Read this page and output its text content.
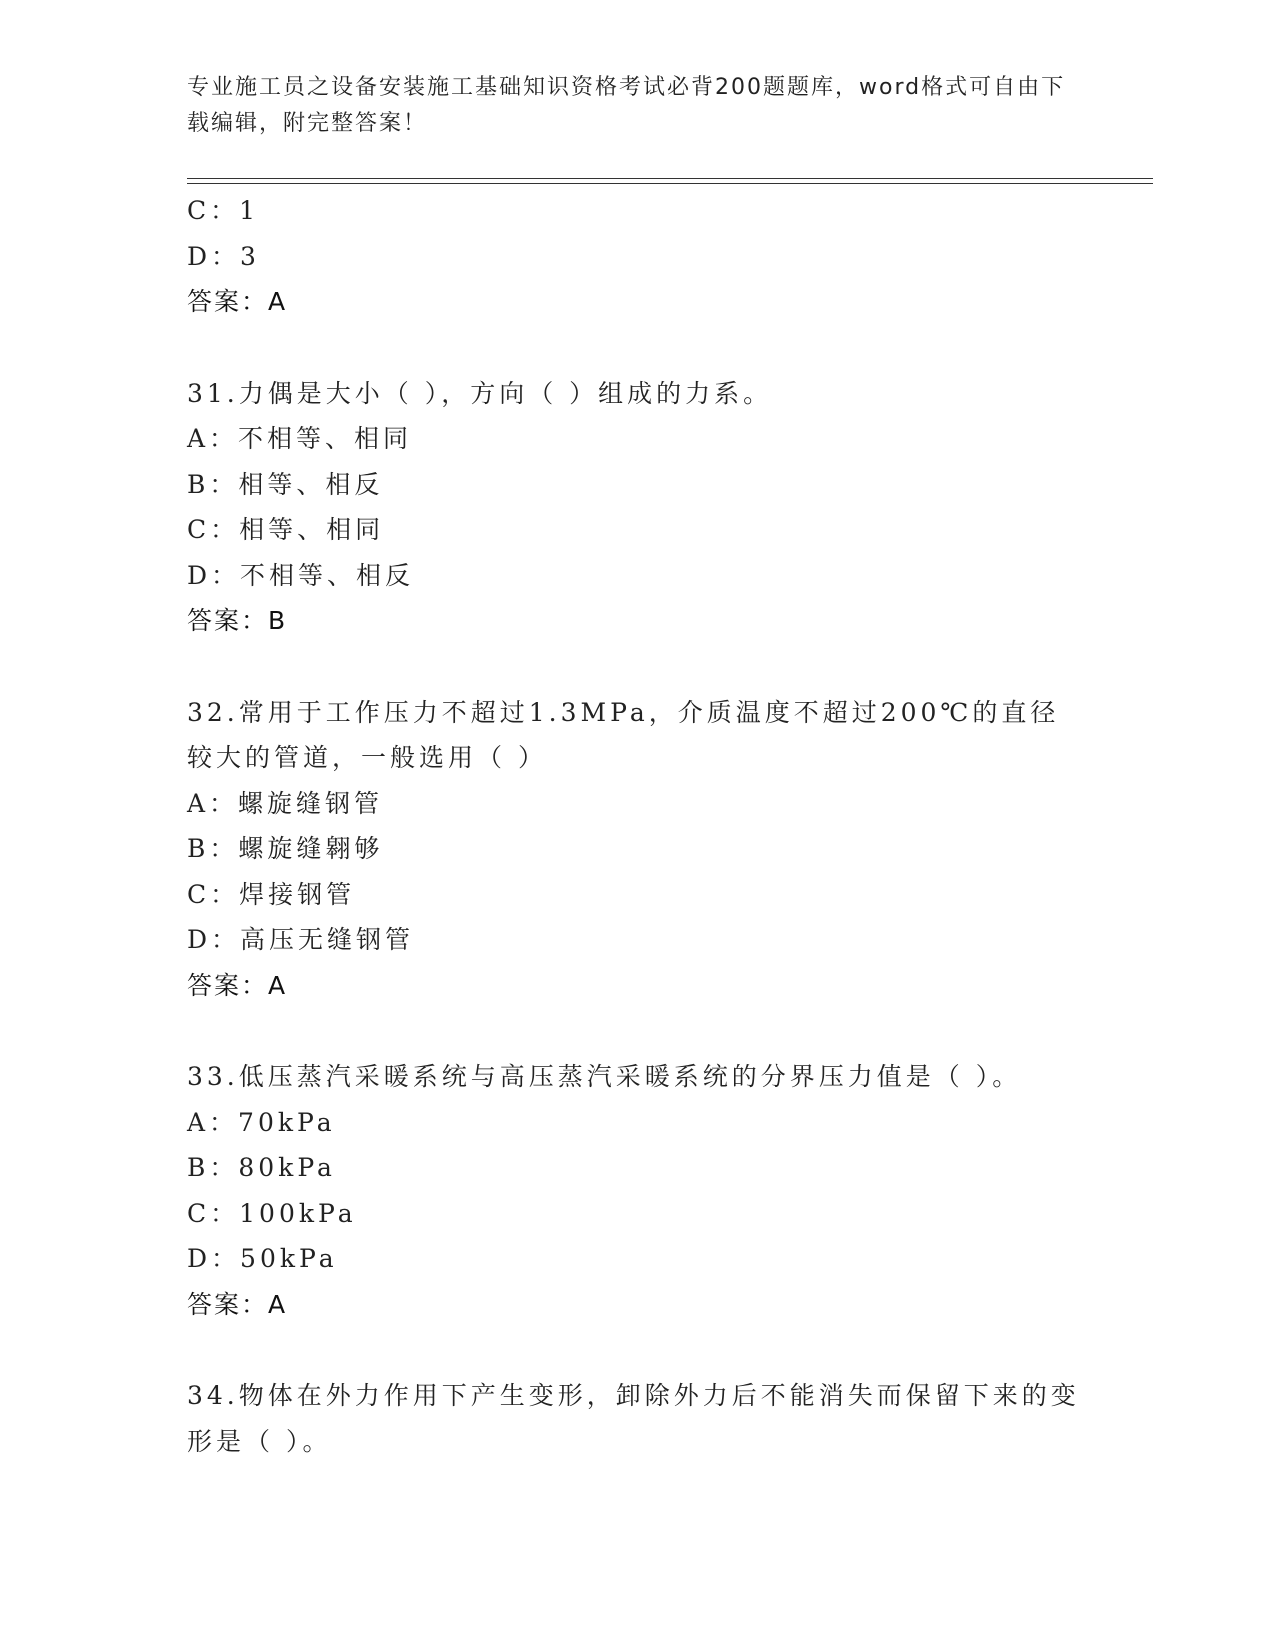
专业施工员之设备安装施工基础知识资格考试必背200题题库，word格式可自由下载编辑，附完整答案！
C：1
D：3
答案：A
31.力偶是大小（ ），方向（ ）组成的力系。
A：不相等、相同
B：相等、相反
C：相等、相同
D：不相等、相反
答案：B
32.常用于工作压力不超过1.3MPa，介质温度不超过200℃的直径较大的管道，一般选用（ ）
A：螺旋缝钢管
B：螺旋缝翱够
C：焊接钢管
D：高压无缝钢管
答案：A
33.低压蒸汽采暖系统与高压蒸汽采暖系统的分界压力值是（ ）。
A：70kPa
B：80kPa
C：100kPa
D：50kPa
答案：A
34.物体在外力作用下产生变形，卸除外力后不能消失而保留下来的变形是（ ）。
